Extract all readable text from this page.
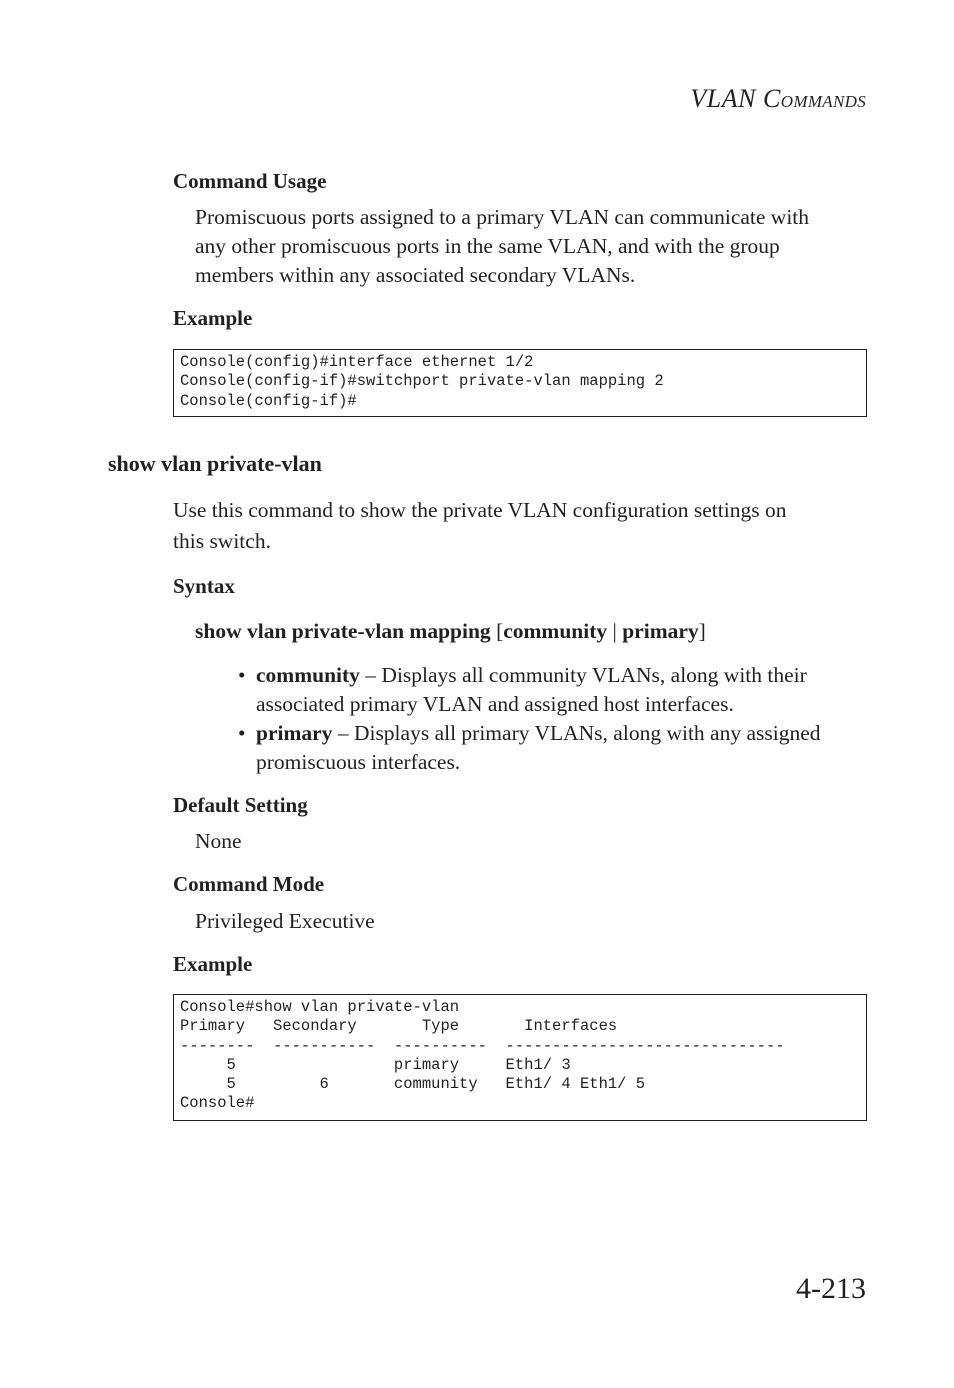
VLAN COMMANDS
Command Usage
Promiscuous ports assigned to a primary VLAN can communicate with
any other promiscuous ports in the same VLAN, and with the group
members within any associated secondary VLANs.
Example
Console(config)#interface ethernet 1/2
Console(config-if)#switchport private-vlan mapping 2
Console(config-if)#
show vlan private-vlan
Use this command to show the private VLAN configuration settings on
this switch.
Syntax
show vlan private-vlan mapping [community | primary]
• community – Displays all community VLANs, along with their
associated primary VLAN and assigned host interfaces.
• primary – Displays all primary VLANs, along with any assigned
promiscuous interfaces.
Default Setting
None
Command Mode
Privileged Executive
Example
Console#show vlan private-vlan
Primary   Secondary       Type       Interfaces
--------  -----------  ----------  ------------------------------
5                 primary     Eth1/ 3
5         6       community   Eth1/ 4 Eth1/ 5
Console#
4-213
